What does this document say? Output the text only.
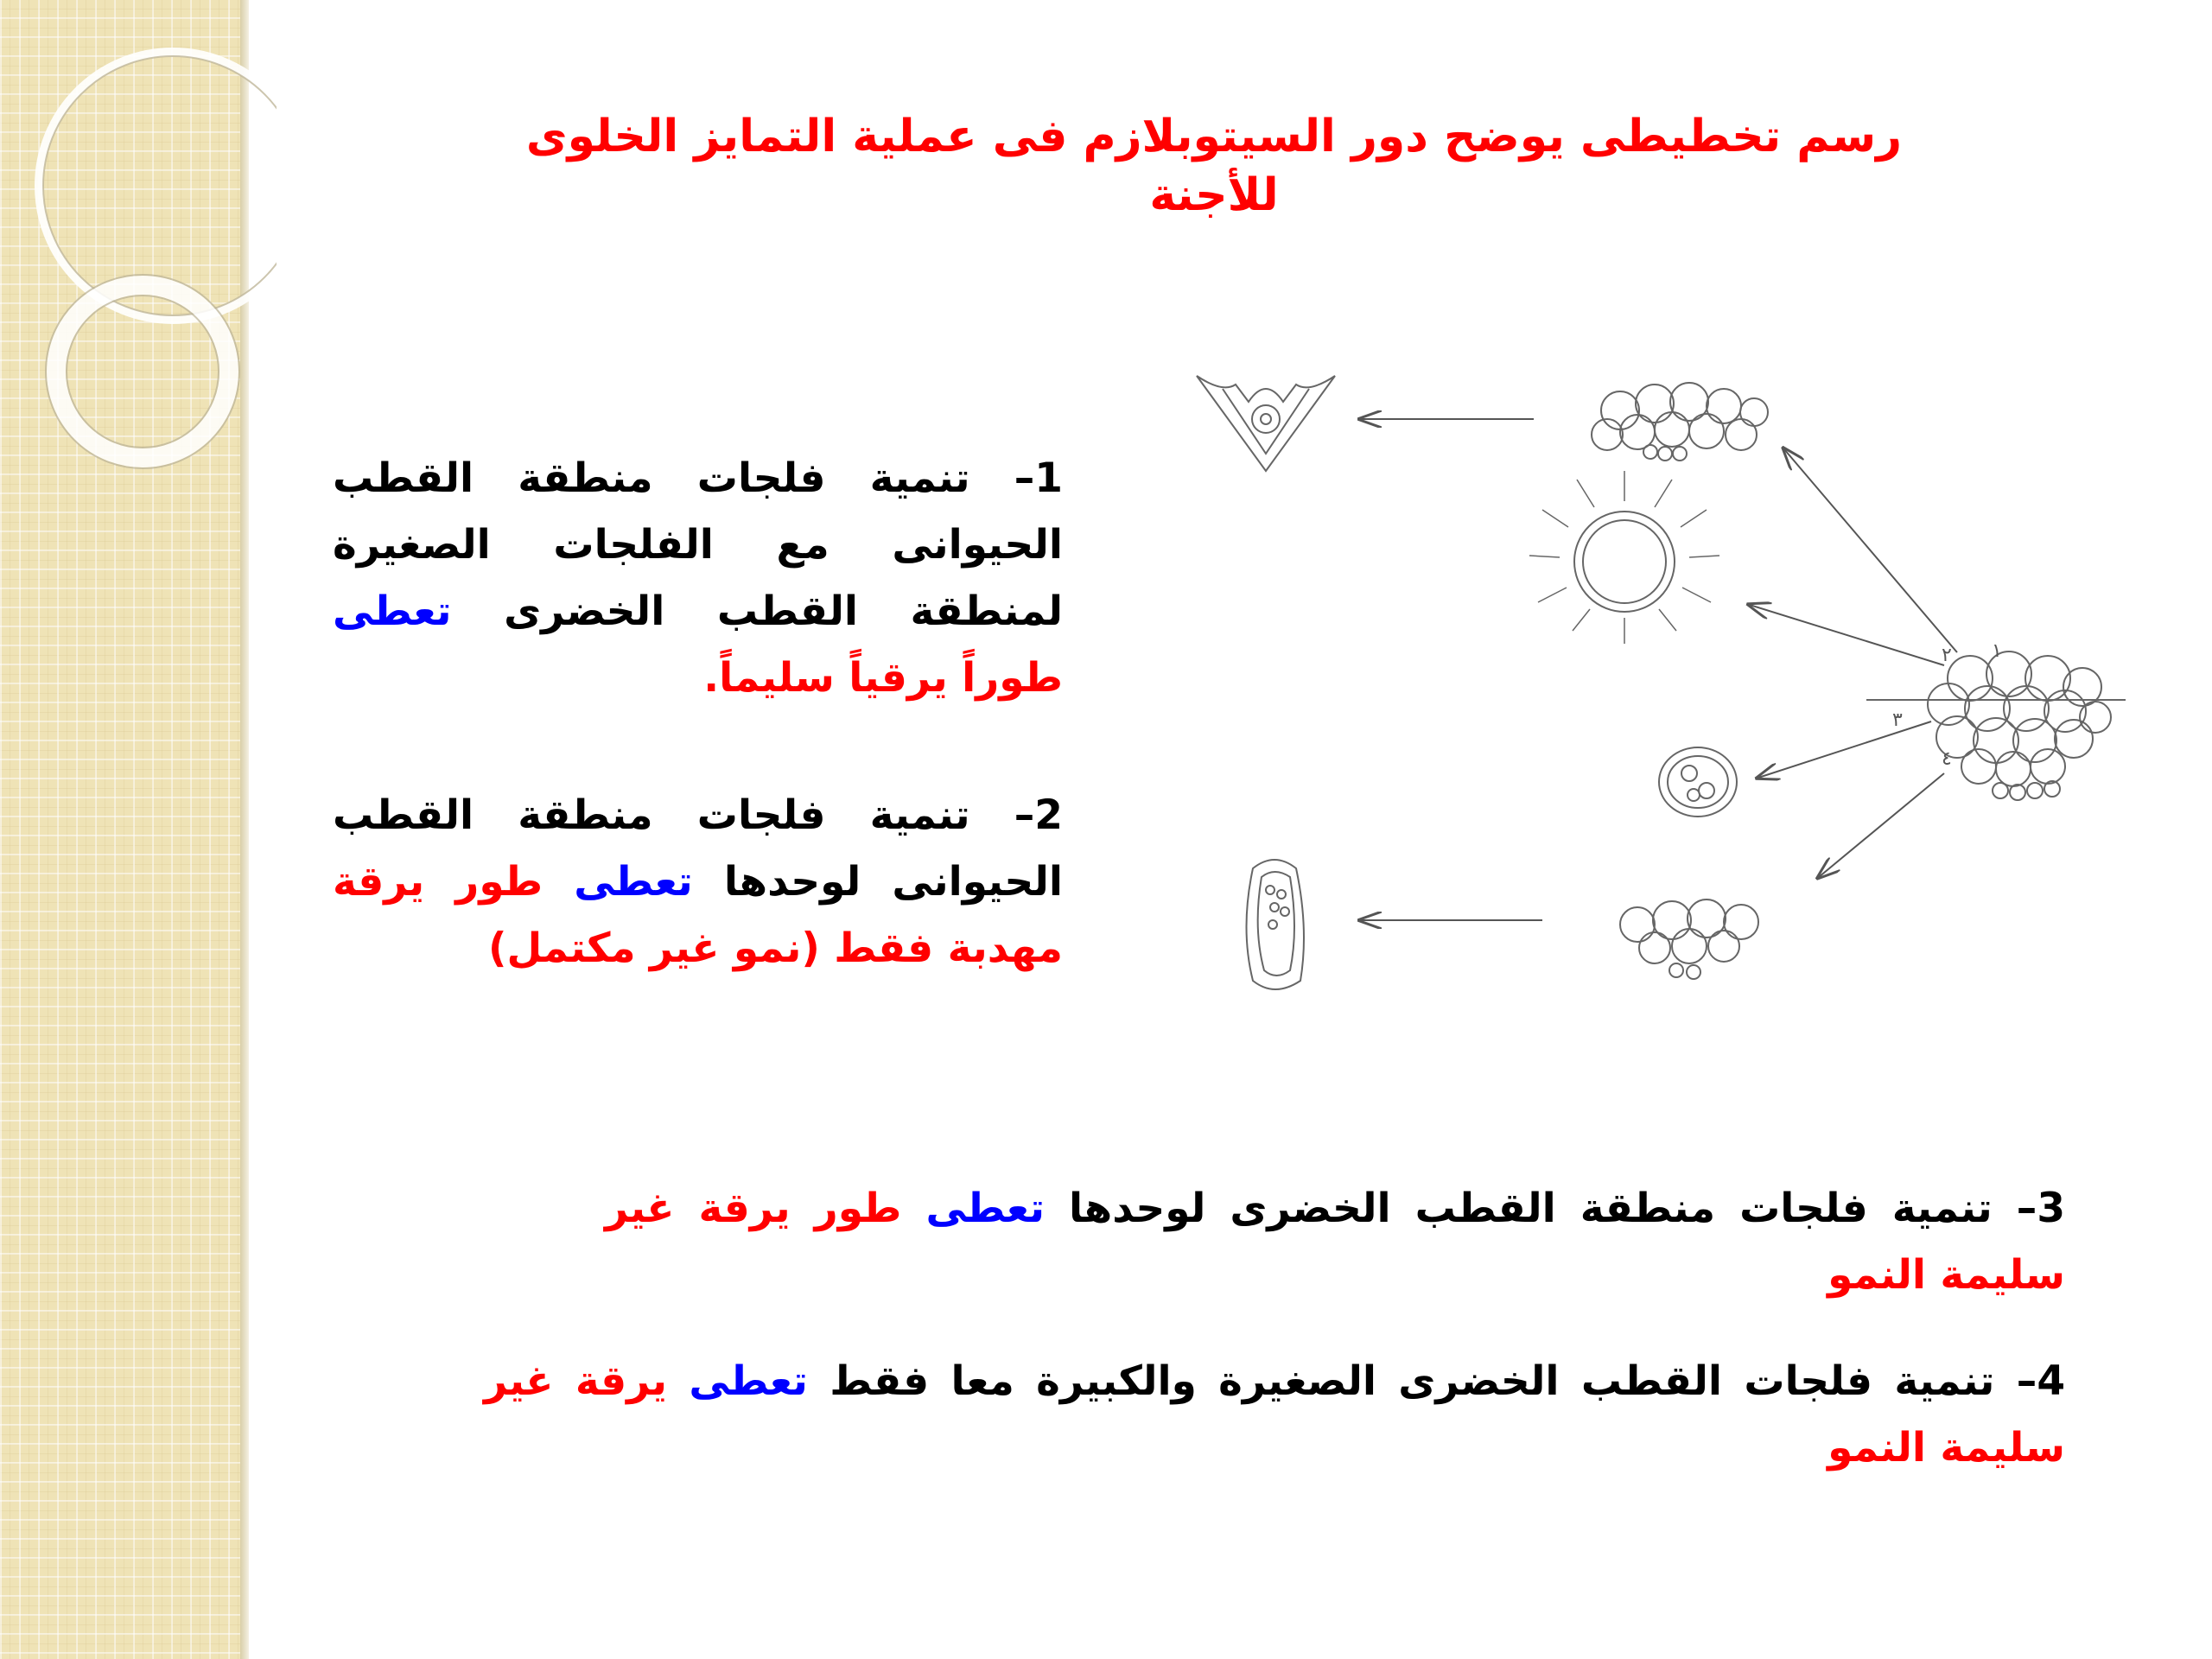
رسم تخطيطى يوضح دور السيتوبلازم فى عملية التمايز الخلوى للأجنة
1– تنمية فلجات منطقة القطب الحيوانى مع الفلجات الصغيرة لمنطقة القطب الخضرى تعطى طوراً يرقياً سليماً.
2– تنمية فلجات منطقة القطب الحيوانى لوحدها تعطى طور يرقة مهدبة فقط (نمو غير مكتمل)
3– تنمية فلجات منطقة القطب الخضرى لوحدها تعطى طور يرقة غير سليمة النمو
4– تنمية فلجات القطب الخضرى الصغيرة والكبيرة معا فقط تعطى يرقة غير سليمة النمو
١
٢
٣
٤
